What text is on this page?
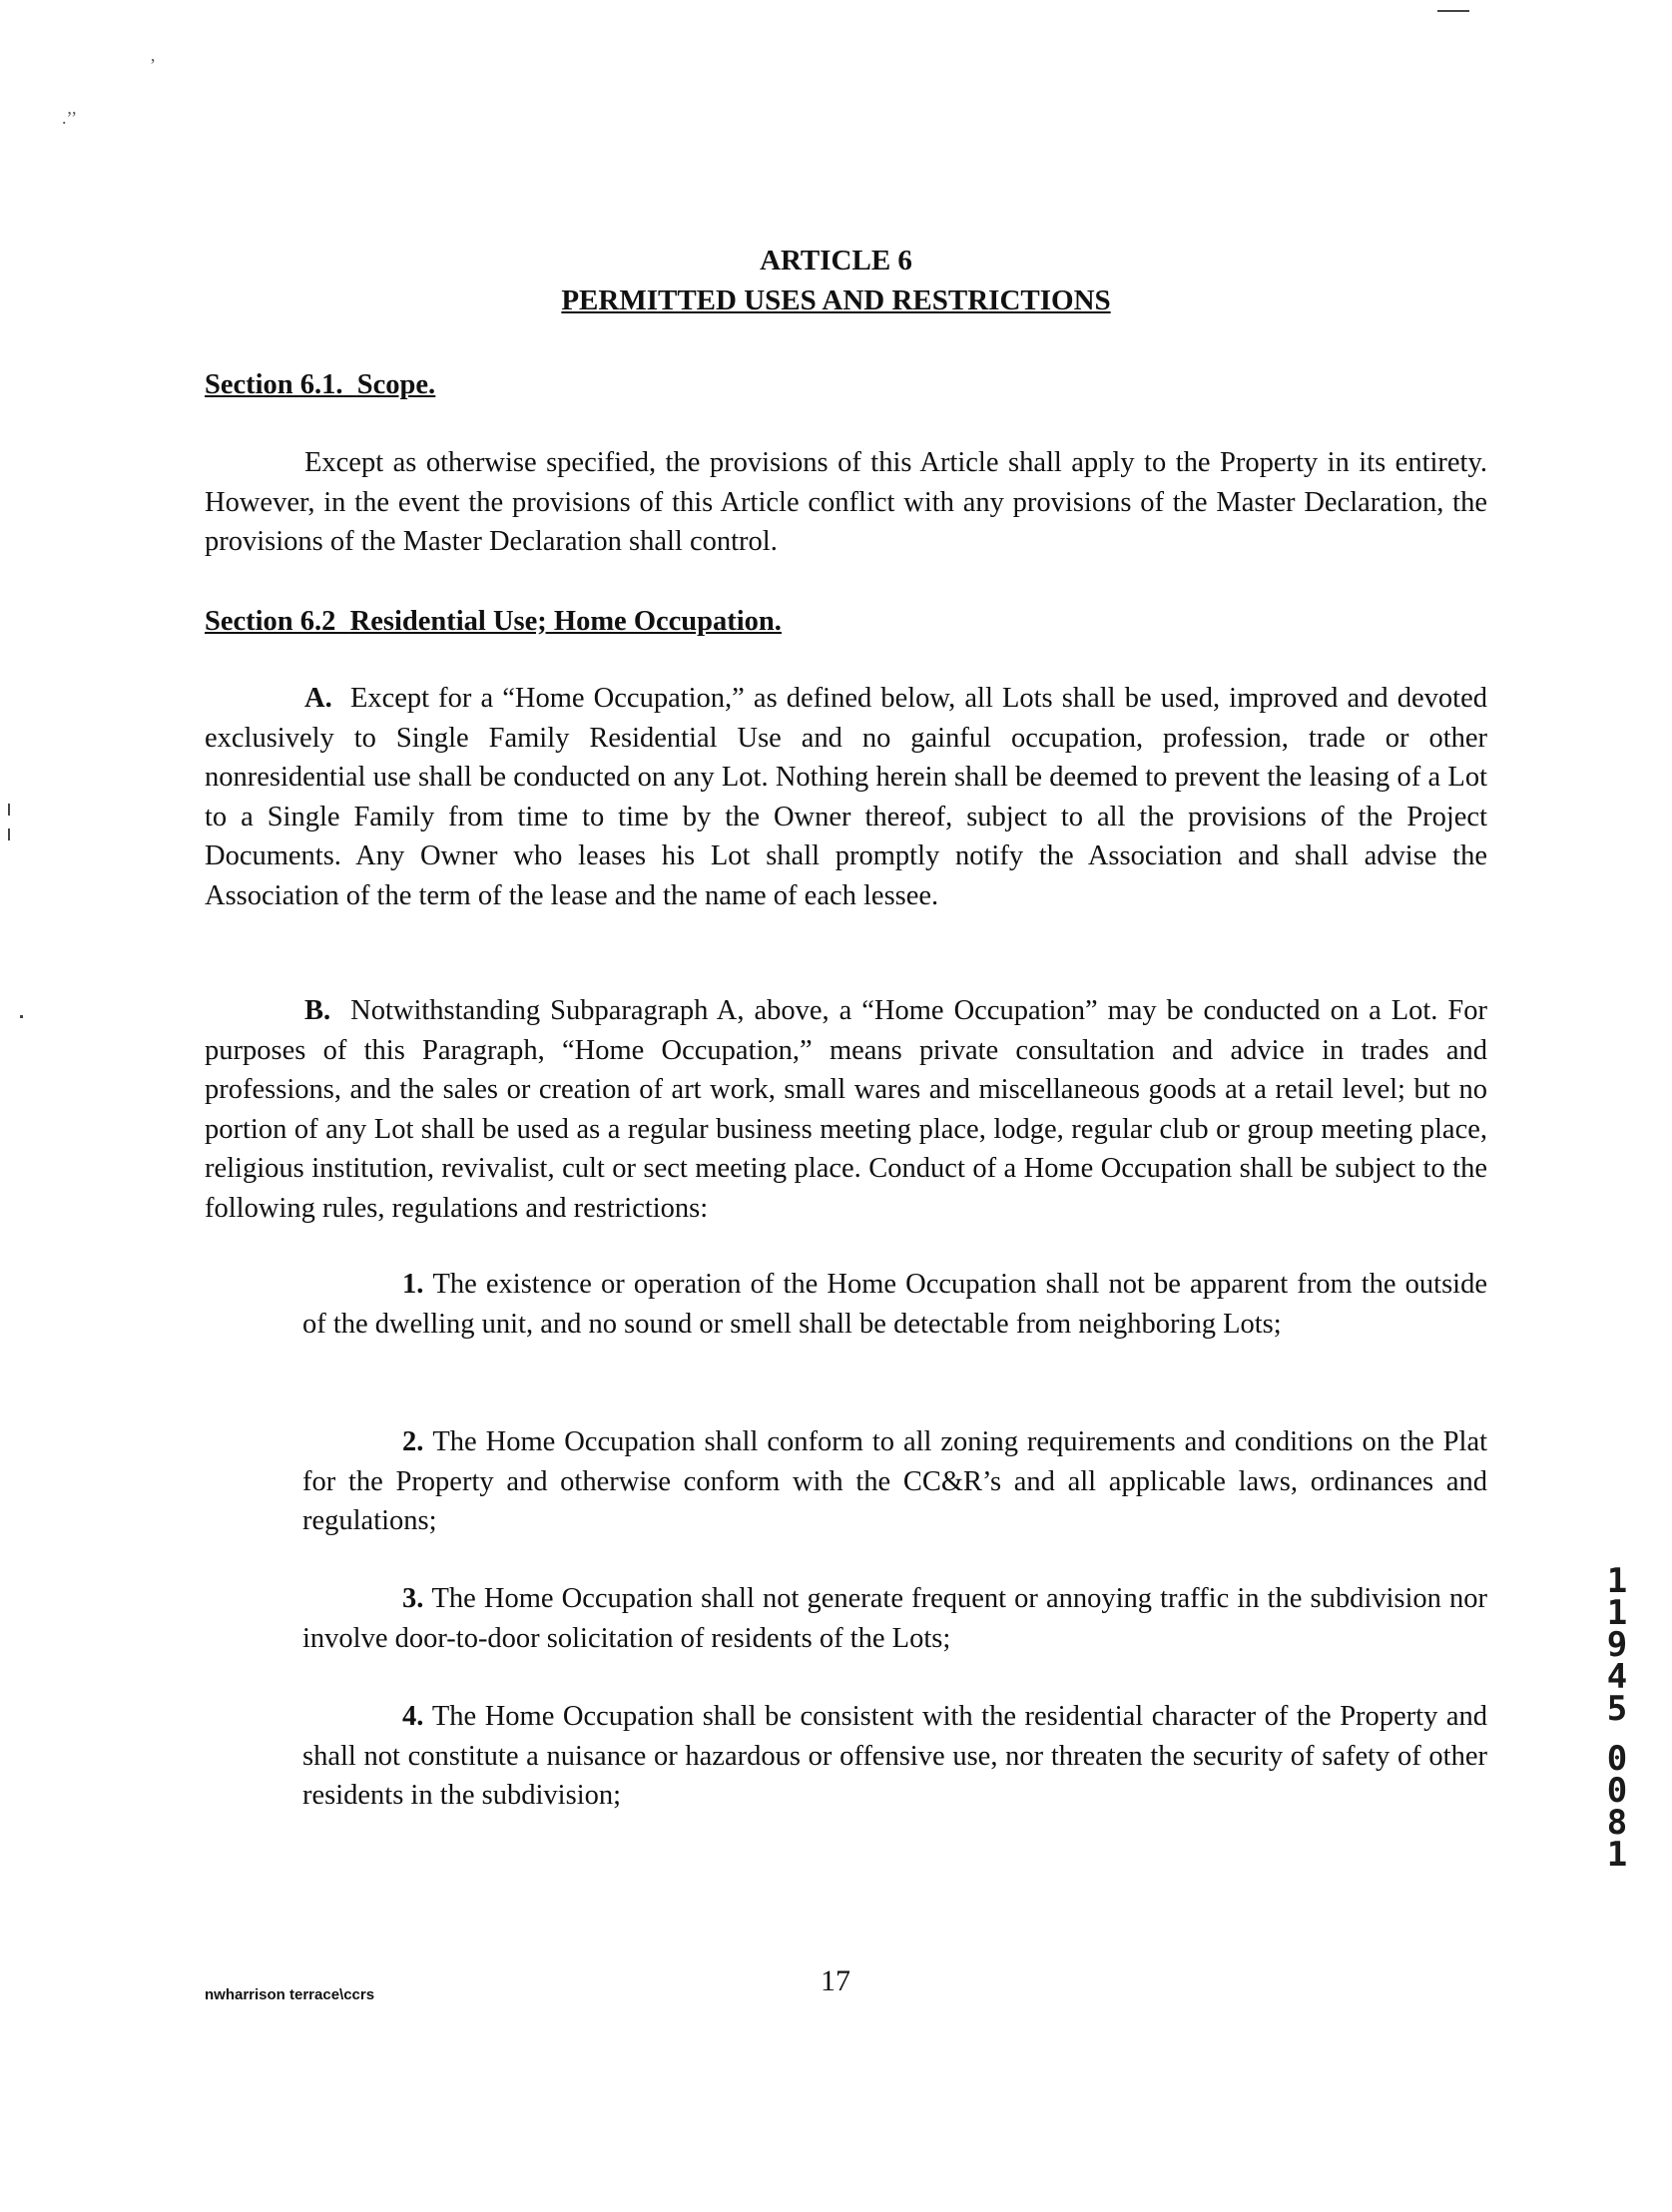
’
.’’
ARTICLE 6
PERMITTED USES AND RESTRICTIONS
Section 6.1. Scope.
Except as otherwise specified, the provisions of this Article shall apply to the Property in its entirety. However, in the event the provisions of this Article conflict with any provisions of the Master Declaration, the provisions of the Master Declaration shall control.
Section 6.2 Residential Use; Home Occupation.
A. Except for a “Home Occupation,” as defined below, all Lots shall be used, improved and devoted exclusively to Single Family Residential Use and no gainful occupation, profession, trade or other nonresidential use shall be conducted on any Lot. Nothing herein shall be deemed to prevent the leasing of a Lot to a Single Family from time to time by the Owner thereof, subject to all the provisions of the Project Documents. Any Owner who leases his Lot shall promptly notify the Association and shall advise the Association of the term of the lease and the name of each lessee.
B. Notwithstanding Subparagraph A, above, a “Home Occupation” may be conducted on a Lot. For purposes of this Paragraph, “Home Occupation,” means private consultation and advice in trades and professions, and the sales or creation of art work, small wares and miscellaneous goods at a retail level; but no portion of any Lot shall be used as a regular business meeting place, lodge, regular club or group meeting place, religious institution, revivalist, cult or sect meeting place. Conduct of a Home Occupation shall be subject to the following rules, regulations and restrictions:
1. The existence or operation of the Home Occupation shall not be apparent from the outside of the dwelling unit, and no sound or smell shall be detectable from neighboring Lots;
2. The Home Occupation shall conform to all zoning requirements and conditions on the Plat for the Property and otherwise conform with the CC&R’s and all applicable laws, ordinances and regulations;
3. The Home Occupation shall not generate frequent or annoying traffic in the subdivision nor involve door-to-door solicitation of residents of the Lots;
4. The Home Occupation shall be consistent with the residential character of the Property and shall not constitute a nuisance or hazardous or offensive use, nor threaten the security of safety of other residents in the subdivision;
1
1
9
4
5
0
0
8
1
nwharrison terrace\ccrs	17
